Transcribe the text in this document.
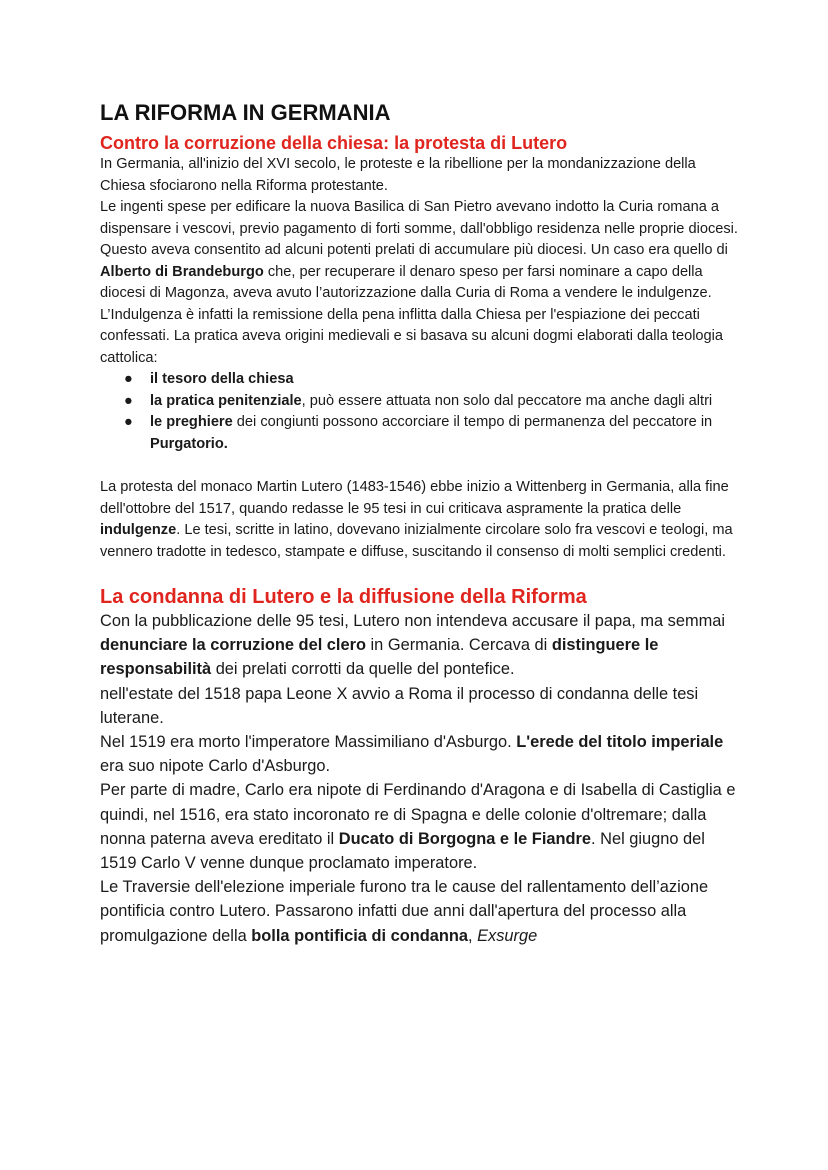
LA RIFORMA IN GERMANIA
Contro la corruzione della chiesa: la protesta di Lutero

In Germania, all'inizio del XVI secolo, le proteste e la ribellione per la mondanizzazione della Chiesa sfociarono nella Riforma protestante.

Le ingenti spese per edificare la nuova Basilica di San Pietro avevano indotto la Curia romana a dispensare i vescovi, previo pagamento di forti somme, dall'obbligo residenza nelle proprie diocesi. Questo aveva consentito ad alcuni potenti prelati di accumulare più diocesi. Un caso era quello di Alberto di Brandeburgo che, per recuperare il denaro speso per farsi nominare a capo della diocesi di Magonza, aveva avuto l’autorizzazione dalla Curia di Roma a vendere le indulgenze.

L’Indulgenza è infatti la remissione della pena inflitta dalla Chiesa per l'espiazione dei peccati confessati. La pratica aveva origini medievali e si basava su alcuni dogmi elaborati dalla teologia cattolica:

● il tesoro della chiesa
● la pratica penitenziale, può essere attuata non solo dal peccatore ma anche dagli altri
● le preghiere dei congiunti possono accorciare il tempo di permanenza del peccatore in Purgatorio.

La protesta del monaco Martin Lutero (1483-1546) ebbe inizio a Wittenberg in Germania, alla fine dell'ottobre del 1517, quando redasse le 95 tesi in cui criticava aspramente la pratica delle indulgenze. Le tesi, scritte in latino, dovevano inizialmente circolare solo fra vescovi e teologi, ma vennero tradotte in tedesco, stampate e diffuse, suscitando il consenso di molti semplici credenti.

La condanna di Lutero e la diffusione della Riforma

Con la pubblicazione delle 95 tesi, Lutero non intendeva accusare il papa, ma semmai denunciare la corruzione del clero in Germania. Cercava di distinguere le responsabilità dei prelati corrotti da quelle del pontefice.

nell'estate del 1518 papa Leone X avvio a Roma il processo di condanna delle tesi luterane.

Nel 1519 era morto l'imperatore Massimiliano d'Asburgo. L'erede del titolo imperiale era suo nipote Carlo d'Asburgo.

Per parte di madre, Carlo era nipote di Ferdinando d'Aragona e di Isabella di Castiglia e quindi, nel 1516, era stato incoronato re di Spagna e delle colonie d'oltremare; dalla nonna paterna aveva ereditato il Ducato di Borgogna e le Fiandre. Nel giugno del 1519 Carlo V venne dunque proclamato imperatore.

Le Traversie dell'elezione imperiale furono tra le cause del rallentamento dell’azione pontificia contro Lutero. Passarono infatti due anni dall'apertura del processo alla promulgazione della bolla pontificia di condanna, Exsurge
